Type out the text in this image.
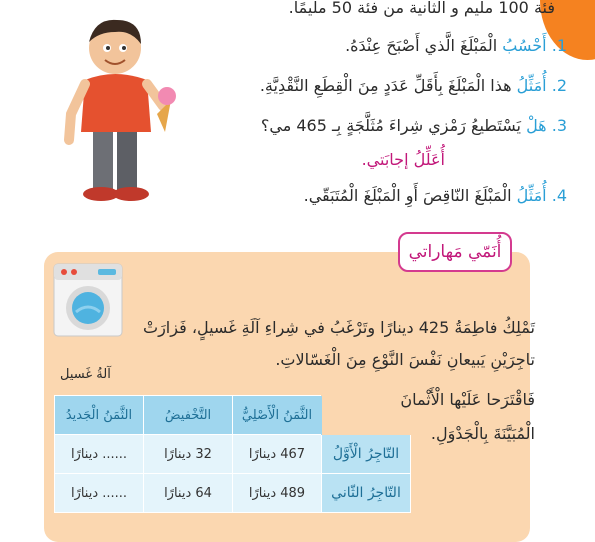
فئة 100 مليم و الثانية من فئة 50 مليمًا.
1. أَحْسُبُ الْمَبْلَغَ الَّذي أَصْبَحَ عِنْدَهُ.
2. أُمَثِّلُ هذا الْمَبْلَغَ بِأَقَلِّ عَدَدٍ مِنَ الْقِطَعِ النَّقْدِيَّةِ.
3. هَلْ يَسْتَطيعُ رَمْزي شِراءَ مُثَلَّجَةٍ بِـ 465 مي؟
أُعَلِّلُ إجابَتي.
4. أُمَثِّلُ الْمَبْلَغَ النّاقِصَ أَوِ الْمَبْلَغَ الْمُتَبَقّي.
أُنَمّي مَهاراتي
آلةُ غَسيل
تَمْلِكُ فاطِمَةُ 425 دينارًا وتَرْغَبُ في شِراءِ آلَةِ غَسيلٍ، فَزارَتْ
تاجِرَيْنِ يَبيعانِ نَفْسَ النَّوْعِ مِنَ الْغَسّالاتِ.
فَاقْتَرَحا عَلَيْها الْأَثْمانَ
الْمُبَيَّنَةَ بِالْجَدْوَلِ.
	الثَّمَنُ الْأَصْلِيُّ	التَّخْفيضُ	الثَّمَنُ الْجَديدُ
التّاجِرُ الْأَوَّلُ	467 دينارًا	32 دينارًا	...... دينارًا
التّاجِرُ الثّاني	489 دينارًا	64 دينارًا	...... دينارًا
